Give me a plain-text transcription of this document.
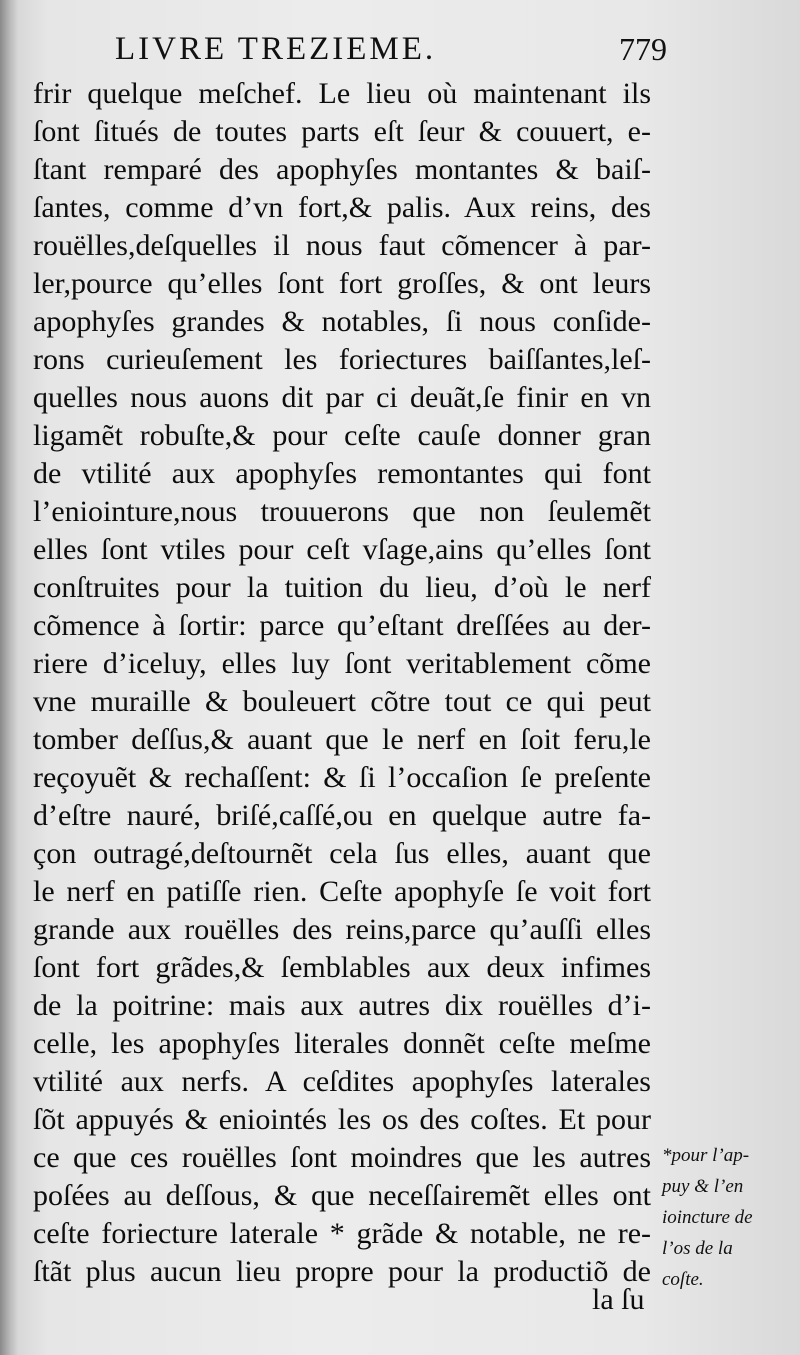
LIVRE TREZIEME.	779
frir quelque meſchef. Le lieu où maintenant ils
ſont ſitués de toutes parts eſt ſeur & couuert, e-
ſtant remparé des apophyſes montantes & baiſ-
ſantes, comme d’vn fort,& palis. Aux reins, des
rouëlles,deſquelles il nous faut cõmencer à par-
ler,pource qu’elles ſont fort groſſes, & ont leurs
apophyſes grandes & notables, ſi nous conſide-
rons curieuſement les foriectures baiſſantes,leſ-
quelles nous auons dit par ci deuãt,ſe finir en vn
ligamẽt robuſte,& pour ceſte cauſe donner gran
de vtilité aux apophyſes remontantes qui font
l’eniointure,nous trouuerons que non ſeulemẽt
elles ſont vtiles pour ceſt vſage,ains qu’elles ſont
conſtruites pour la tuition du lieu, d’où le nerf
cõmence à ſortir: parce qu’eſtant dreſſées au der-
riere d’iceluy, elles luy ſont veritablement cõme
vne muraille & bouleuert cõtre tout ce qui peut
tomber deſſus,& auant que le nerf en ſoit feru,le
reçoyuẽt & rechaſſent: & ſi l’occaſion ſe preſente
d’eſtre nauré, briſé,caſſé,ou en quelque autre fa-
çon outragé,deſtournẽt cela ſus elles, auant que
le nerf en patiſſe rien. Ceſte apophyſe ſe voit fort
grande aux rouëlles des reins,parce qu’auſſi elles
ſont fort grãdes,& ſemblables aux deux infimes
de la poitrine: mais aux autres dix rouëlles d’i-
celle, les apophyſes literales donnẽt ceſte meſme
vtilité aux nerfs. A ceſdites apophyſes laterales
ſõt appuyés & eniointés les os des coſtes. Et pour
ce que ces rouëlles ſont moindres que les autres
poſées au deſſous, & que neceſſairemẽt elles ont
ceſte foriecture laterale * grãde & notable, ne re-
ſtãt plus aucun lieu propre pour la productiõ de
*pour l’ap-
puy & l’en
ioincture de
l’os de la
coſte.
la ſu
